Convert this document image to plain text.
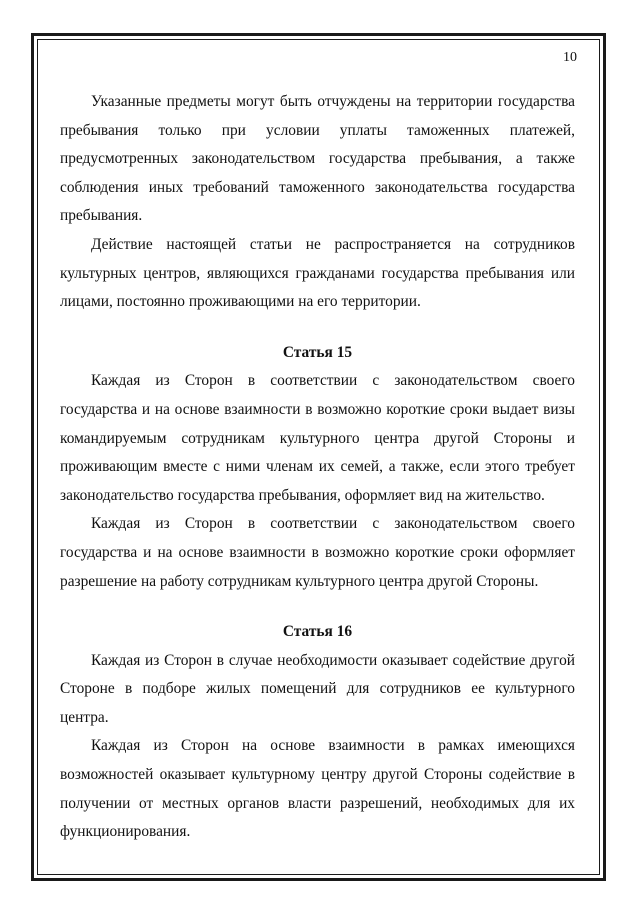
10

Указанные предметы могут быть отчуждены на территории государства пребывания только при условии уплаты таможенных платежей, предусмотренных законодательством государства пребывания, а также соблюдения иных требований таможенного законодательства государства пребывания.

Действие настоящей статьи не распространяется на сотрудников культурных центров, являющихся гражданами государства пребывания или лицами, постоянно проживающими на его территории.

Статья 15

Каждая из Сторон в соответствии с законодательством своего государства и на основе взаимности в возможно короткие сроки выдает визы командируемым сотрудникам культурного центра другой Стороны и проживающим вместе с ними членам их семей, а также, если этого требует законодательство государства пребывания, оформляет вид на жительство.

Каждая из Сторон в соответствии с законодательством своего государства и на основе взаимности в возможно короткие сроки оформляет разрешение на работу сотрудникам культурного центра другой Стороны.

Статья 16

Каждая из Сторон в случае необходимости оказывает содействие другой Стороне в подборе жилых помещений для сотрудников ее культурного центра.

Каждая из Сторон на основе взаимности в рамках имеющихся возможностей оказывает культурному центру другой Стороны содействие в получении от местных органов власти разрешений, необходимых для их функционирования.
